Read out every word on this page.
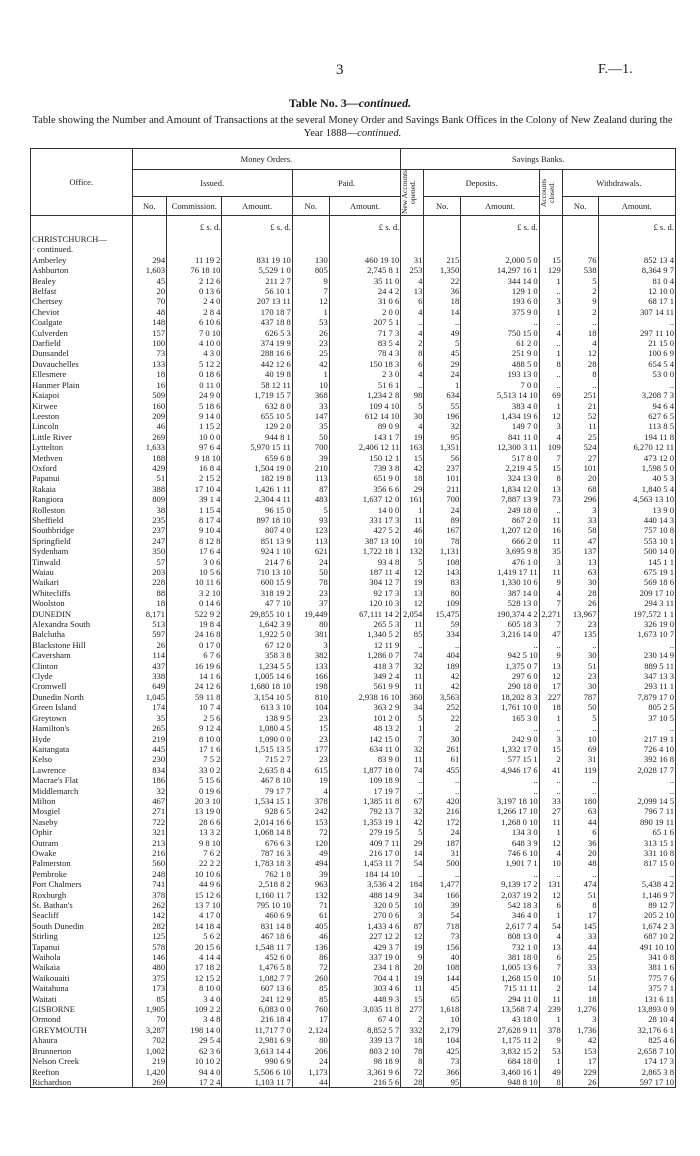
3	F.—1.
Table No. 3—continued.
Table showing the Number and Amount of Transactions at the several Money Order and Savings Bank Offices in the Colony of New Zealand during the Year 1888—continued.
Office.	Money Orders.					Savings Banks.					
	Issued.			Paid.		New Accounts opened.	Deposits.		Accounts closed.	Withdrawals.	
	No.	Commission.	Amount.	No.	Amount.		No.	Amount.		No.	Amount.
		£ s. d.	£ s. d.		£ s. d.			£ s. d.			£ s. d.
CHRISTCHURCH—											
· continued.											
Amberley	294	11 19 2	831 19 10	130	460 19 10	31	215	2,000 5 0	15	76	852 13 4
Ashburton	1,603	76 18 10	5,529 1 0	805	2,745 8 1	253	1,350	14,297 16 1	129	538	8,364 9 7
Bealey	45	2 12 6	211 2 7	9	35 11 0	4	22	344 14 0	1	5	81 0 4
Belfast	20	0 13 6	56 10 1	7	24 4 2	13	36	129 1 0	..	2	12 10 0
Chertsey	70	2 4 0	207 13 11	12	31 0 6	6	18	193 6 0	3	9	68 17 1
Cheviot	48	2 8 4	170 18 7	1	2 0 0	4	14	375 9 0	1	2	307 14 11
Coalgate	148	6 10 6	437 18 8	53	207 5 1	..	..	..	..	..	..
Culverden	157	7 0 10	626 5 3	26	71 7 3	4	49	750 15 0	4	18	297 11 10
Darfield	100	4 10 0	374 19 9	23	83 5 4	2	5	61 2 0	..	4	21 15 0
Dunsandel	73	4 3 0	288 16 6	25	78 4 3	8	45	251 9 0	1	12	100 6 9
Duvauchelles	133	5 12 2	442 12 6	42	150 18 3	6	29	488 5 0	8	28	654 5 4
Ellesmere	18	0 18 6	40 19 8	1	2 3 0	4	24	193 13 0	..	8	53 0 0
Hanmer Plain	16	0 11 0	58 12 11	10	51 6 1	..	1	7 0 0	..	..	..
Kaiapoi	509	24 9 0	1,719 15 7	368	1,234 2 8	98	634	5,513 14 10	69	251	3,208 7 3
Kirwee	160	5 18 6	632 8 0	33	109 4 10	5	55	383 4 0	1	21	94 6 4
Leeston	209	9 14 0	655 10 5	147	612 14 10	30	196	1,434 19 6	12	52	627 6 5
Lincoln	46	1 15 2	129 2 0	35	89 0 9	4	32	149 7 0	3	11	113 8 5
Little River	269	10 0 0	944 8 1	50	143 1 7	19	95	841 11 0	4	25	194 11 8
Lyttelton	1,633	97 6 4	5,970 15 11	700	2,406 12 11	163	1,351	12,300 3 11	109	524	6,270 12 11
Methven	188	9 18 10	659 6 8	39	150 12 1	15	56	517 8 0	7	27	473 12 0
Oxford	429	16 8 4	1,504 19 0	210	739 3 8	42	237	2,219 4 5	15	101	1,598 5 0
Papanui	51	2 15 2	182 19 8	113	651 9 0	18	101	324 13 0	8	20	40 5 3
Rakaia	388	17 10 4	1,426 1 11	87	356 6 6	29	211	1,834 12 0	13	68	1,840 5 4
Rangiora	809	39 1 4	2,304 4 11	483	1,637 12 0	161	700	7,887 13 9	73	296	4,563 13 10
Rolleston	38	1 15 4	96 15 0	5	14 0 0	1	24	249 18 0	..	3	13 9 0
Sheffield	235	8 17 4	897 18 10	93	331 17 3	11	89	867 2 0	11	33	440 14 3
Southbridge	237	9 10 4	807 4 0	123	427 5 2	46	167	1,207 12 0	16	58	757 10 8
Springfield	247	8 12 8	851 13 9	113	387 13 10	10	78	666 2 0	11	47	553 10 1
Sydenham	350	17 6 4	924 1 10	621	1,722 18 1	132	1,131	3,695 9 8	35	137	500 14 0
Tinwald	57	3 0 6	214 7 6	24	93 4 8	5	108	476 1 0	3	13	145 1 1
Waiau	203	10 5 6	710 13 10	50	187 11 4	12	143	1,419 17 11	11	63	675 19 1
Waikari	228	10 11 6	600 15 9	78	304 12 7	19	83	1,330 10 6	9	30	569 18 6
Whitecliffs	88	3 2 10	318 19 2	23	92 17 3	13	80	387 14 0	4	28	209 17 10
Woolston	18	0 14 6	47 7 10	37	120 10 3	12	109	528 13 0	7	26	294 3 11
DUNEDIN	8,171	522 9 2	29,855 10 1	19,449	67,111 14 2	2,054	15,475	190,374 4 2	2,271	13,967	197,572 1 1
Alexandra South	513	19 8 4	1,642 3 9	80	265 5 3	11	59	605 18 3	7	23	326 19 0
Balclutha	597	24 16 8	1,922 5 0	381	1,340 5 2	85	334	3,216 14 0	47	135	1,673 10 7
Blackstone Hill	26	0 17 0	67 12 0	3	12 11 9	..	..	..	..	..	..
Caversham	114	6 7 6	358 3 8	382	1,286 0 7	74	404	942 5 10	9	30	230 14 9
Clinton	437	16 19 6	1,234 5 5	133	418 3 7	32	189	1,375 0 7	13	51	889 5 11
Clyde	338	14 1 6	1,005 14 6	166	349 2 4	11	42	297 6 0	12	23	347 13 3
Cromwell	649	24 12 6	1,680 18 10	198	561 9 9	11	42	290 18 0	17	30	293 11 1
Dunedin North	1,045	59 11 8	3,154 10 5	810	2,938 16 10	360	3,563	18,202 8 3	227	787	7,879 17 0
Green Island	174	10 7 4	613 3 10	104	363 2 9	34	252	1,761 10 0	18	50	805 2 5
Greytown	35	2 5 6	138 9 5	23	101 2 0	5	22	165 3 0	1	5	37 10 5
Hamilton's	265	9 12 4	1,080 4 5	15	48 13 2	1	2	..	..	..	..
Hyde	219	8 10 0	1,090 0 0	23	142 15 0	7	30	242 9 0	3	10	217 19 1
Kaitangata	445	17 1 6	1,515 13 5	177	634 11 0	32	261	1,332 17 0	15	69	726 4 10
Kelso	230	7 5 2	715 2 7	23	83 9 0	11	61	577 15 1	2	31	392 16 8
Lawrence	834	33 0 2	2,635 8 4	615	1,877 18 0	74	455	4,946 17 6	41	119	2,028 17 7
Macrae's Flat	186	5 15 6	467 8 10	19	109 18 9	..	..	..	..	..	..
Middlemarch	32	0 19 6	79 17 7	4	17 19 7	..	..	..	..	..	..
Milton	467	20 3 10	1,534 15 1	378	1,385 11 8	67	420	3,197 18 10	33	180	2,099 14 5
Mosgiel	271	13 19 0	928 6 5	242	792 13 7	32	216	1,266 17 10	27	63	796 7 11
Naseby	722	28 6 6	2,014 16 6	153	1,353 19 1	42	172	1,268 0 10	11	44	890 19 11
Ophir	321	13 3 2	1,068 14 8	72	279 19 5	5	24	134 3 0	1	6	65 1 6
Outram	213	9 8 10	676 6 3	120	409 7 11	29	187	648 3 9	12	36	313 15 1
Owake	216	7 6 2	787 16 3	49	216 17 0	14	31	746 6 10	4	20	331 10 8
Palmerston	560	22 2 2	1,783 18 3	494	1,453 11 7	54	500	1,901 7 1	10	48	817 15 0
Pembroke	248	10 10 6	762 1 8	39	184 14 10	..	..	..	..	..	..
Port Chalmers	741	44 9 6	2,518 8 2	963	3,536 4 2	184	1,477	9,139 17 2	131	474	5,438 4 2
Roxburgh	378	15 12 6	1,160 11 7	132	488 14 9	34	166	2,037 19 2	12	51	1,146 9 7
St. Bathan's	262	13 7 10	795 10 10	71	320 0 5	10	39	542 18 3	6	8	89 12 7
Seacliff	142	4 17 0	460 6 9	61	270 0 6	3	54	346 4 0	1	17	205 2 10
South Dunedin	282	14 18 4	831 14 8	405	1,433 4 6	87	718	2,617 7 4	54	145	1,674 2 3
Stirling	125	5 6 2	467 18 6	46	227 12 2	12	73	808 13 0	4	33	687 10 2
Tapanui	578	20 15 6	1,548 11 7	136	429 3 7	19	156	732 1 0	13	44	491 10 10
Waihola	146	4 14 4	452 6 0	86	337 19 0	9	40	381 18 0	6	25	341 0 8
Waikaia	480	17 18 2	1,476 5 8	72	234 1 8	20	108	1,005 13 6	7	33	381 1 6
Waikouaiti	375	12 15 2	1,082 7 7	260	704 4 1	19	144	1,268 15 0	10	51	775 7 6
Waitahuna	173	8 10 0	607 13 6	85	303 4 6	11	45	715 11 11	2	14	375 7 1
Waitati	85	3 4 0	241 12 9	85	448 9 3	15	65	294 11 0	11	18	131 6 11
GISBORNE	1,905	109 2 2	6,083 0 0	760	3,035 11 8	277	1,618	13,568 7 4	239	1,276	13,893 0 9
Ormond	70	3 4 8	216 18 4	17	67 4 0	2	10	43 18 0	1	3	28 10 4
GREYMOUTH	3,287	198 14 0	11,717 7 0	2,124	8,852 5 7	332	2,179	27,628 9 11	378	1,736	32,176 6 1
Ahaura	702	29 5 4	2,981 6 9	80	339 13 7	18	104	1,175 11 2	9	42	825 4 6
Brunnerton	1,002	62 3 6	3,613 14 4	206	803 2 10	78	425	3,832 15 2	53	153	2,658 7 10
Nelson Creek	219	10 10 2	990 6 9	24	98 18 9	8	73	684 18 0	1	17	174 17 3
Reefton	1,420	94 4 0	5,506 6 10	1,173	3,361 9 6	72	366	3,460 16 1	49	229	2,865 3 8
Richardson	269	17 2 4	1,103 11 7	44	216 5 6	28	95	948 8 10	8	26	597 17 10
